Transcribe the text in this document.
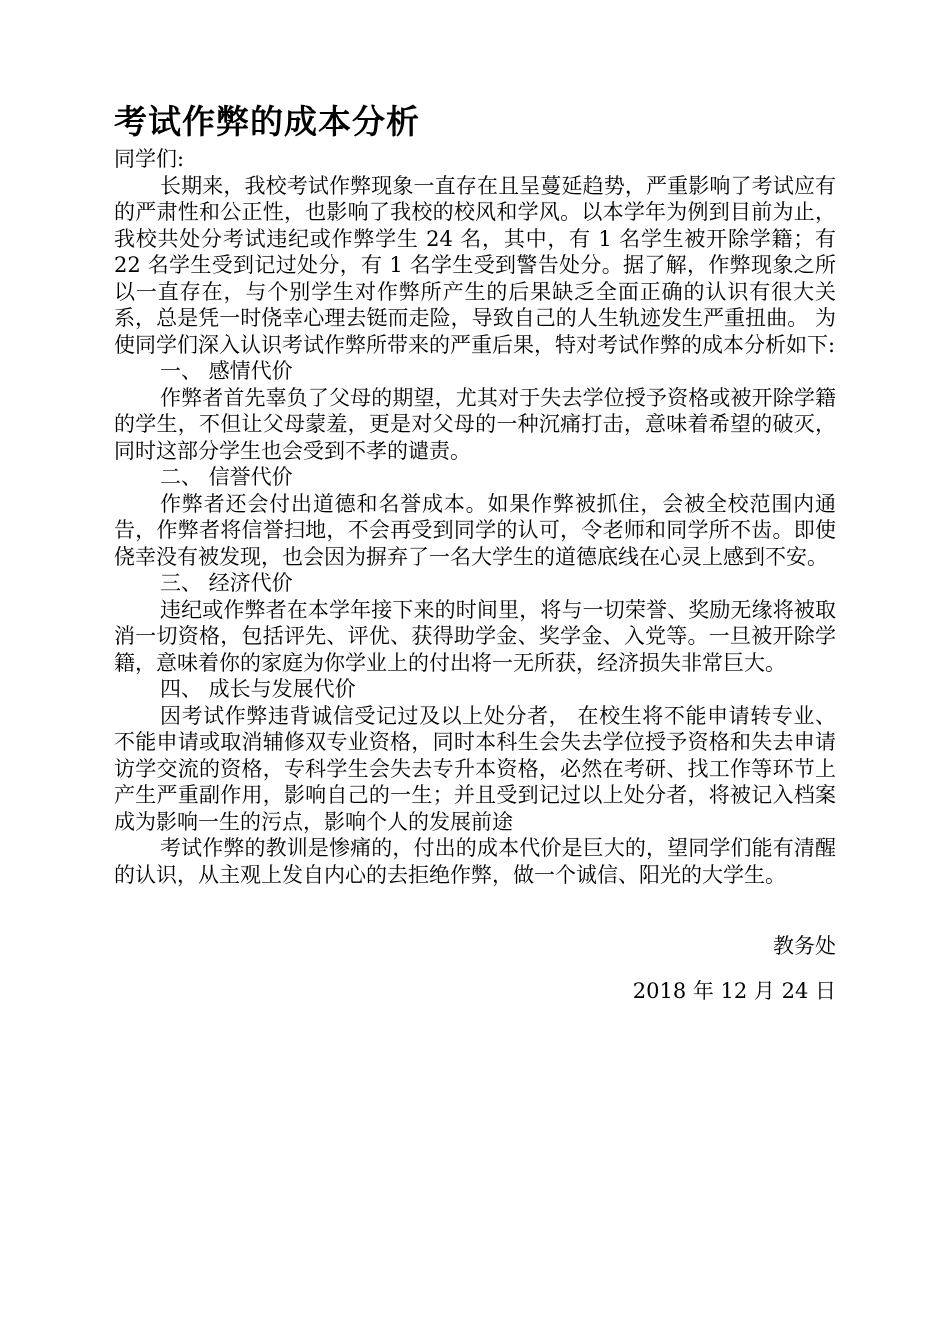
考试作弊的成本分析

同学们:

长期来，我校考试作弊现象一直存在且呈蔓延趋势，严重影响了考试应有的严肃性和公正性，也影响了我校的校风和学风。以本学年为例到目前为止，我校共处分考试违纪或作弊学生 24 名，其中，有 1 名学生被开除学籍；有 22 名学生受到记过处分，有 1 名学生受到警告处分。据了解，作弊现象之所以一直存在，与个别学生对作弊所产生的后果缺乏全面正确的认识有很大关系，总是凭一时侥幸心理去铤而走险，导致自己的人生轨迹发生严重扭曲。 为使同学们深入认识考试作弊所带来的严重后果，特对考试作弊的成本分析如下:

一、 感情代价

作弊者首先辜负了父母的期望，尤其对于失去学位授予资格或被开除学籍的学生，不但让父母蒙羞，更是对父母的一种沉痛打击，意味着希望的破灭，同时这部分学生也会受到不孝的谴责。

二、 信誉代价

作弊者还会付出道德和名誉成本。如果作弊被抓住，会被全校范围内通告，作弊者将信誉扫地，不会再受到同学的认可，令老师和同学所不齿。即使侥幸没有被发现，也会因为摒弃了一名大学生的道德底线在心灵上感到不安。

三、 经济代价

违纪或作弊者在本学年接下来的时间里，将与一切荣誉、奖励无缘将被取消一切资格，包括评先、评优、获得助学金、奖学金、入党等。一旦被开除学籍，意味着你的家庭为你学业上的付出将一无所获，经济损失非常巨大。

四、 成长与发展代价

因考试作弊违背诚信受记过及以上处分者， 在校生将不能申请转专业、不能申请或取消辅修双专业资格，同时本科生会失去学位授予资格和失去申请访学交流的资格，专科学生会失去专升本资格，必然在考研、找工作等环节上产生严重副作用，影响自己的一生；并且受到记过以上处分者，将被记入档案成为影响一生的污点，影响个人的发展前途

考试作弊的教训是惨痛的，付出的成本代价是巨大的，望同学们能有清醒的认识，从主观上发自内心的去拒绝作弊，做一个诚信、阳光的大学生。

教务处

2018 年 12 月 24 日
